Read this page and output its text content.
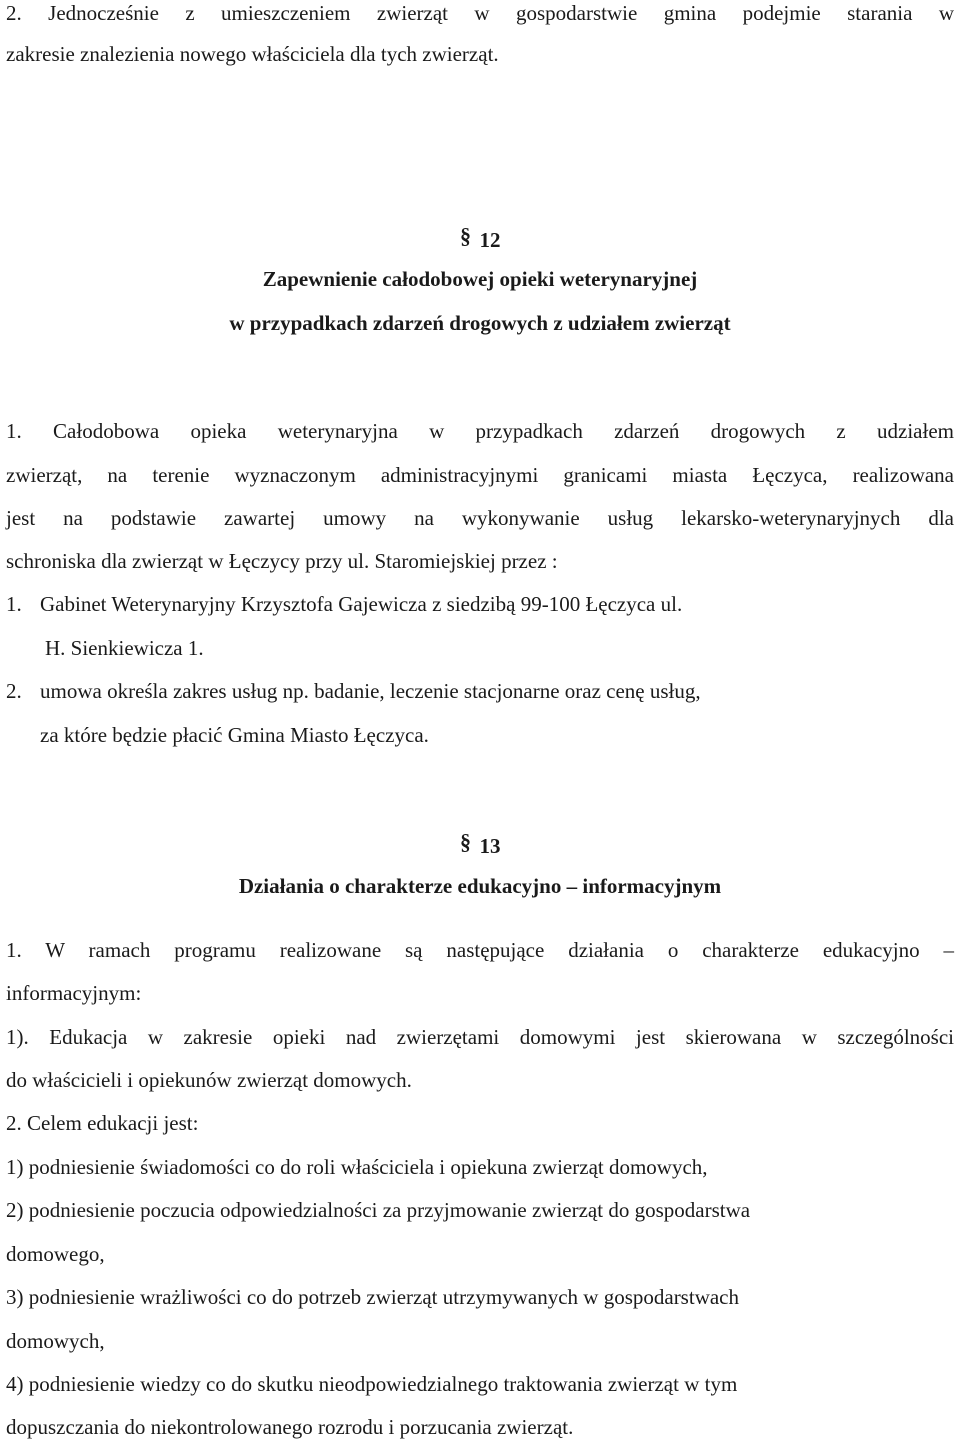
2. Jednocześnie z umieszczeniem zwierząt w gospodarstwie gmina podejmie starania w
zakresie znalezienia nowego właściciela dla tych zwierząt.
§ 12
Zapewnienie całodobowej opieki weterynaryjnej
w przypadkach zdarzeń drogowych z udziałem zwierząt
1. Całodobowa opieka weterynaryjna w przypadkach zdarzeń drogowych z udziałem
zwierząt, na terenie wyznaczonym administracyjnymi granicami miasta Łęczyca, realizowana
jest na podstawie zawartej umowy na wykonywanie usług lekarsko-weterynaryjnych dla
schroniska dla zwierząt w Łęczycy przy ul. Staromiejskiej przez :
1. Gabinet Weterynaryjny Krzysztofa Gajewicza z siedzibą 99-100 Łęczyca ul.
H. Sienkiewicza 1.
2. umowa określa zakres usług np. badanie, leczenie stacjonarne oraz cenę usług,
za które będzie płacić Gmina Miasto Łęczyca.
§ 13
Działania o charakterze edukacyjno – informacyjnym
1. W ramach programu realizowane są następujące działania o charakterze edukacyjno –
informacyjnym:
1). Edukacja w zakresie opieki nad zwierzętami domowymi jest skierowana w szczególności
do właścicieli i opiekunów zwierząt domowych.
2. Celem edukacji jest:
1) podniesienie świadomości co do roli właściciela i opiekuna zwierząt domowych,
2) podniesienie poczucia odpowiedzialności za przyjmowanie zwierząt do gospodarstwa
domowego,
3) podniesienie wrażliwości co do potrzeb zwierząt utrzymywanych w gospodarstwach
domowych,
4) podniesienie wiedzy co do skutku nieodpowiedzialnego traktowania zwierząt w tym
dopuszczania do niekontrolowanego rozrodu i porzucania zwierząt.
